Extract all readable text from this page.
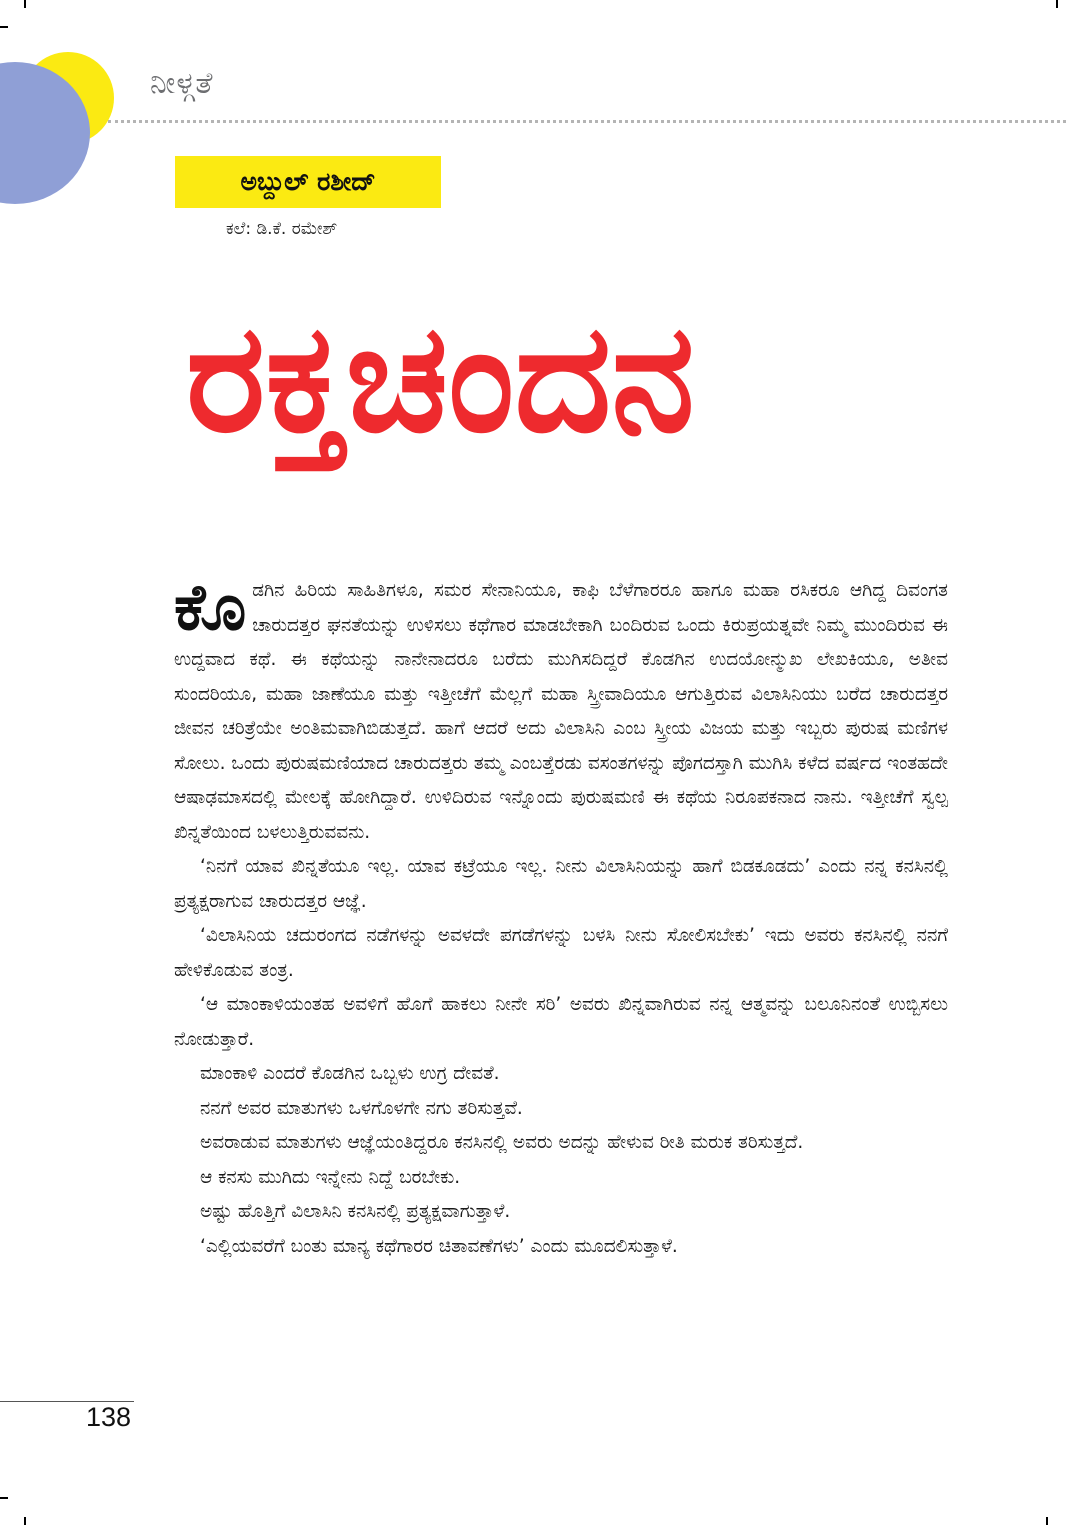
ನೀಳ್ಗತೆ
ಅಬ್ದುಲ್ ರಶೀದ್
ಕಲೆ: ಡಿ.ಕೆ. ರಮೇಶ್
ರಕ್ತಚಂದನ

ಕೊಡಗಿನ ಹಿರಿಯ ಸಾಹಿತಿಗಳೂ, ಸಮರ ಸೇನಾನಿಯೂ, ಕಾಫಿ ಬೆಳೆಗಾರರೂ ಹಾಗೂ ಮಹಾ ರಸಿಕರೂ ಆಗಿದ್ದ ದಿವಂಗತ ಚಾರುದತ್ತರ ಘನತೆಯನ್ನು ಉಳಿಸಲು ಕಥೆಗಾರ ಮಾಡಬೇಕಾಗಿ ಬಂದಿರುವ ಒಂದು ಕಿರುಪ್ರಯತ್ನವೇ ನಿಮ್ಮ ಮುಂದಿರುವ ಈ ಉದ್ದವಾದ ಕಥೆ. ಈ ಕಥೆಯನ್ನು ನಾನೇನಾದರೂ ಬರೆದು ಮುಗಿಸದಿದ್ದರೆ ಕೊಡಗಿನ ಉದಯೋನ್ಮುಖ ಲೇಖಕಿಯೂ, ಅತೀವ ಸುಂದರಿಯೂ, ಮಹಾ ಜಾಣೆಯೂ ಮತ್ತು ಇತ್ತೀಚೆಗೆ ಮೆಲ್ಲಗೆ ಮಹಾ ಸ್ತ್ರೀವಾದಿಯೂ ಆಗುತ್ತಿರುವ ವಿಲಾಸಿನಿಯು ಬರೆದ ಚಾರುದತ್ತರ ಜೀವನ ಚರಿತ್ರೆಯೇ ಅಂತಿಮವಾಗಿಬಿಡುತ್ತದೆ. ಹಾಗೆ ಆದರೆ ಅದು ವಿಲಾಸಿನಿ ಎಂಬ ಸ್ತ್ರೀಯ ವಿಜಯ ಮತ್ತು ಇಬ್ಬರು ಪುರುಷ ಮಣಿಗಳ ಸೋಲು. ಒಂದು ಪುರುಷಮಣಿಯಾದ ಚಾರುದತ್ತರು ತಮ್ಮ ಎಂಬತ್ತೆರಡು ವಸಂತಗಳನ್ನು ಪೊಗದಸ್ತಾಗಿ ಮುಗಿಸಿ ಕಳೆದ ವರ್ಷದ ಇಂತಹದೇ ಆಷಾಢಮಾಸದಲ್ಲಿ ಮೇಲಕ್ಕೆ ಹೋಗಿದ್ದಾರೆ. ಉಳಿದಿರುವ ಇನ್ನೊಂದು ಪುರುಷಮಣಿ ಈ ಕಥೆಯ ನಿರೂಪಕನಾದ ನಾನು. ಇತ್ತೀಚೆಗೆ ಸ್ವಲ್ಪ ಖಿನ್ನತೆಯಿಂದ ಬಳಲುತ್ತಿರುವವನು.

‘ನಿನಗೆ ಯಾವ ಖಿನ್ನತೆಯೂ ಇಲ್ಲ. ಯಾವ ಕಟ್ರೆಯೂ ಇಲ್ಲ. ನೀನು ವಿಲಾಸಿನಿಯನ್ನು ಹಾಗೆ ಬಿಡಕೂಡದು’ ಎಂದು ನನ್ನ ಕನಸಿನಲ್ಲಿ ಪ್ರತ್ಯಕ್ಷರಾಗುವ ಚಾರುದತ್ತರ ಆಜ್ಞೆ.

‘ವಿಲಾಸಿನಿಯ ಚದುರಂಗದ ನಡೆಗಳನ್ನು ಅವಳದೇ ಪಗಡೆಗಳನ್ನು ಬಳಸಿ ನೀನು ಸೋಲಿಸಬೇಕು’ ಇದು ಅವರು ಕನಸಿನಲ್ಲಿ ನನಗೆ ಹೇಳಿಕೊಡುವ ತಂತ್ರ.

‘ಆ ಮಾಂಕಾಳಿಯಂತಹ ಅವಳಿಗೆ ಹೊಗೆ ಹಾಕಲು ನೀನೇ ಸರಿ’ ಅವರು ಖಿನ್ನವಾಗಿರುವ ನನ್ನ ಆತ್ಮವನ್ನು ಬಲೂನಿನಂತೆ ಉಬ್ಬಿಸಲು ನೋಡುತ್ತಾರೆ.

ಮಾಂಕಾಳಿ ಎಂದರೆ ಕೊಡಗಿನ ಒಬ್ಬಳು ಉಗ್ರ ದೇವತೆ.

ನನಗೆ ಅವರ ಮಾತುಗಳು ಒಳಗೊಳಗೇ ನಗು ತರಿಸುತ್ತವೆ.

ಅವರಾಡುವ ಮಾತುಗಳು ಆಜ್ಞೆಯಂತಿದ್ದರೂ ಕನಸಿನಲ್ಲಿ ಅವರು ಅದನ್ನು ಹೇಳುವ ರೀತಿ ಮರುಕ ತರಿಸುತ್ತದೆ.

ಆ ಕನಸು ಮುಗಿದು ಇನ್ನೇನು ನಿದ್ದೆ ಬರಬೇಕು.

ಅಷ್ಟು ಹೊತ್ತಿಗೆ ವಿಲಾಸಿನಿ ಕನಸಿನಲ್ಲಿ ಪ್ರತ್ಯಕ್ಷವಾಗುತ್ತಾಳೆ.

‘ಎಲ್ಲಿಯವರೆಗೆ ಬಂತು ಮಾನ್ಯ ಕಥೆಗಾರರ ಚಿತಾವಣೆಗಳು’ ಎಂದು ಮೂದಲಿಸುತ್ತಾಳೆ.

138
